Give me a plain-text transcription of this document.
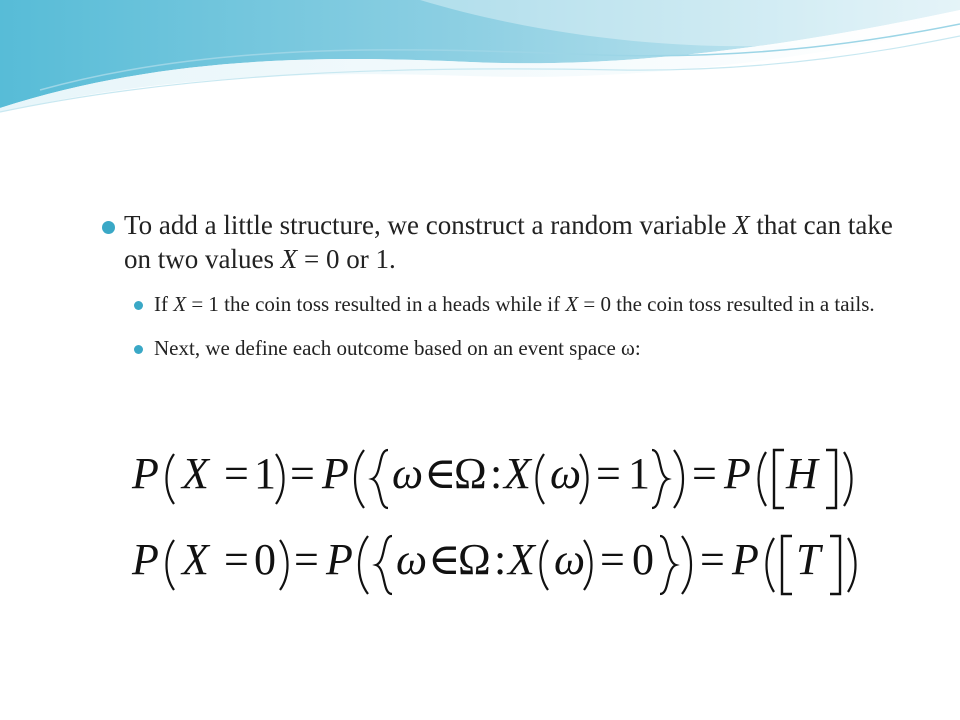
To add a little structure, we construct a random variable X that can take on two values X = 0 or 1.
If X = 1 the coin toss resulted in a heads while if X = 0 the coin toss resulted in a tails.
Next, we define each outcome based on an event space ω:
P X = 1 = P ω ∈
Ω : X ω = 1 = P H
P X = 0 = P ω ∈
Ω : X ω = 0 = P T
